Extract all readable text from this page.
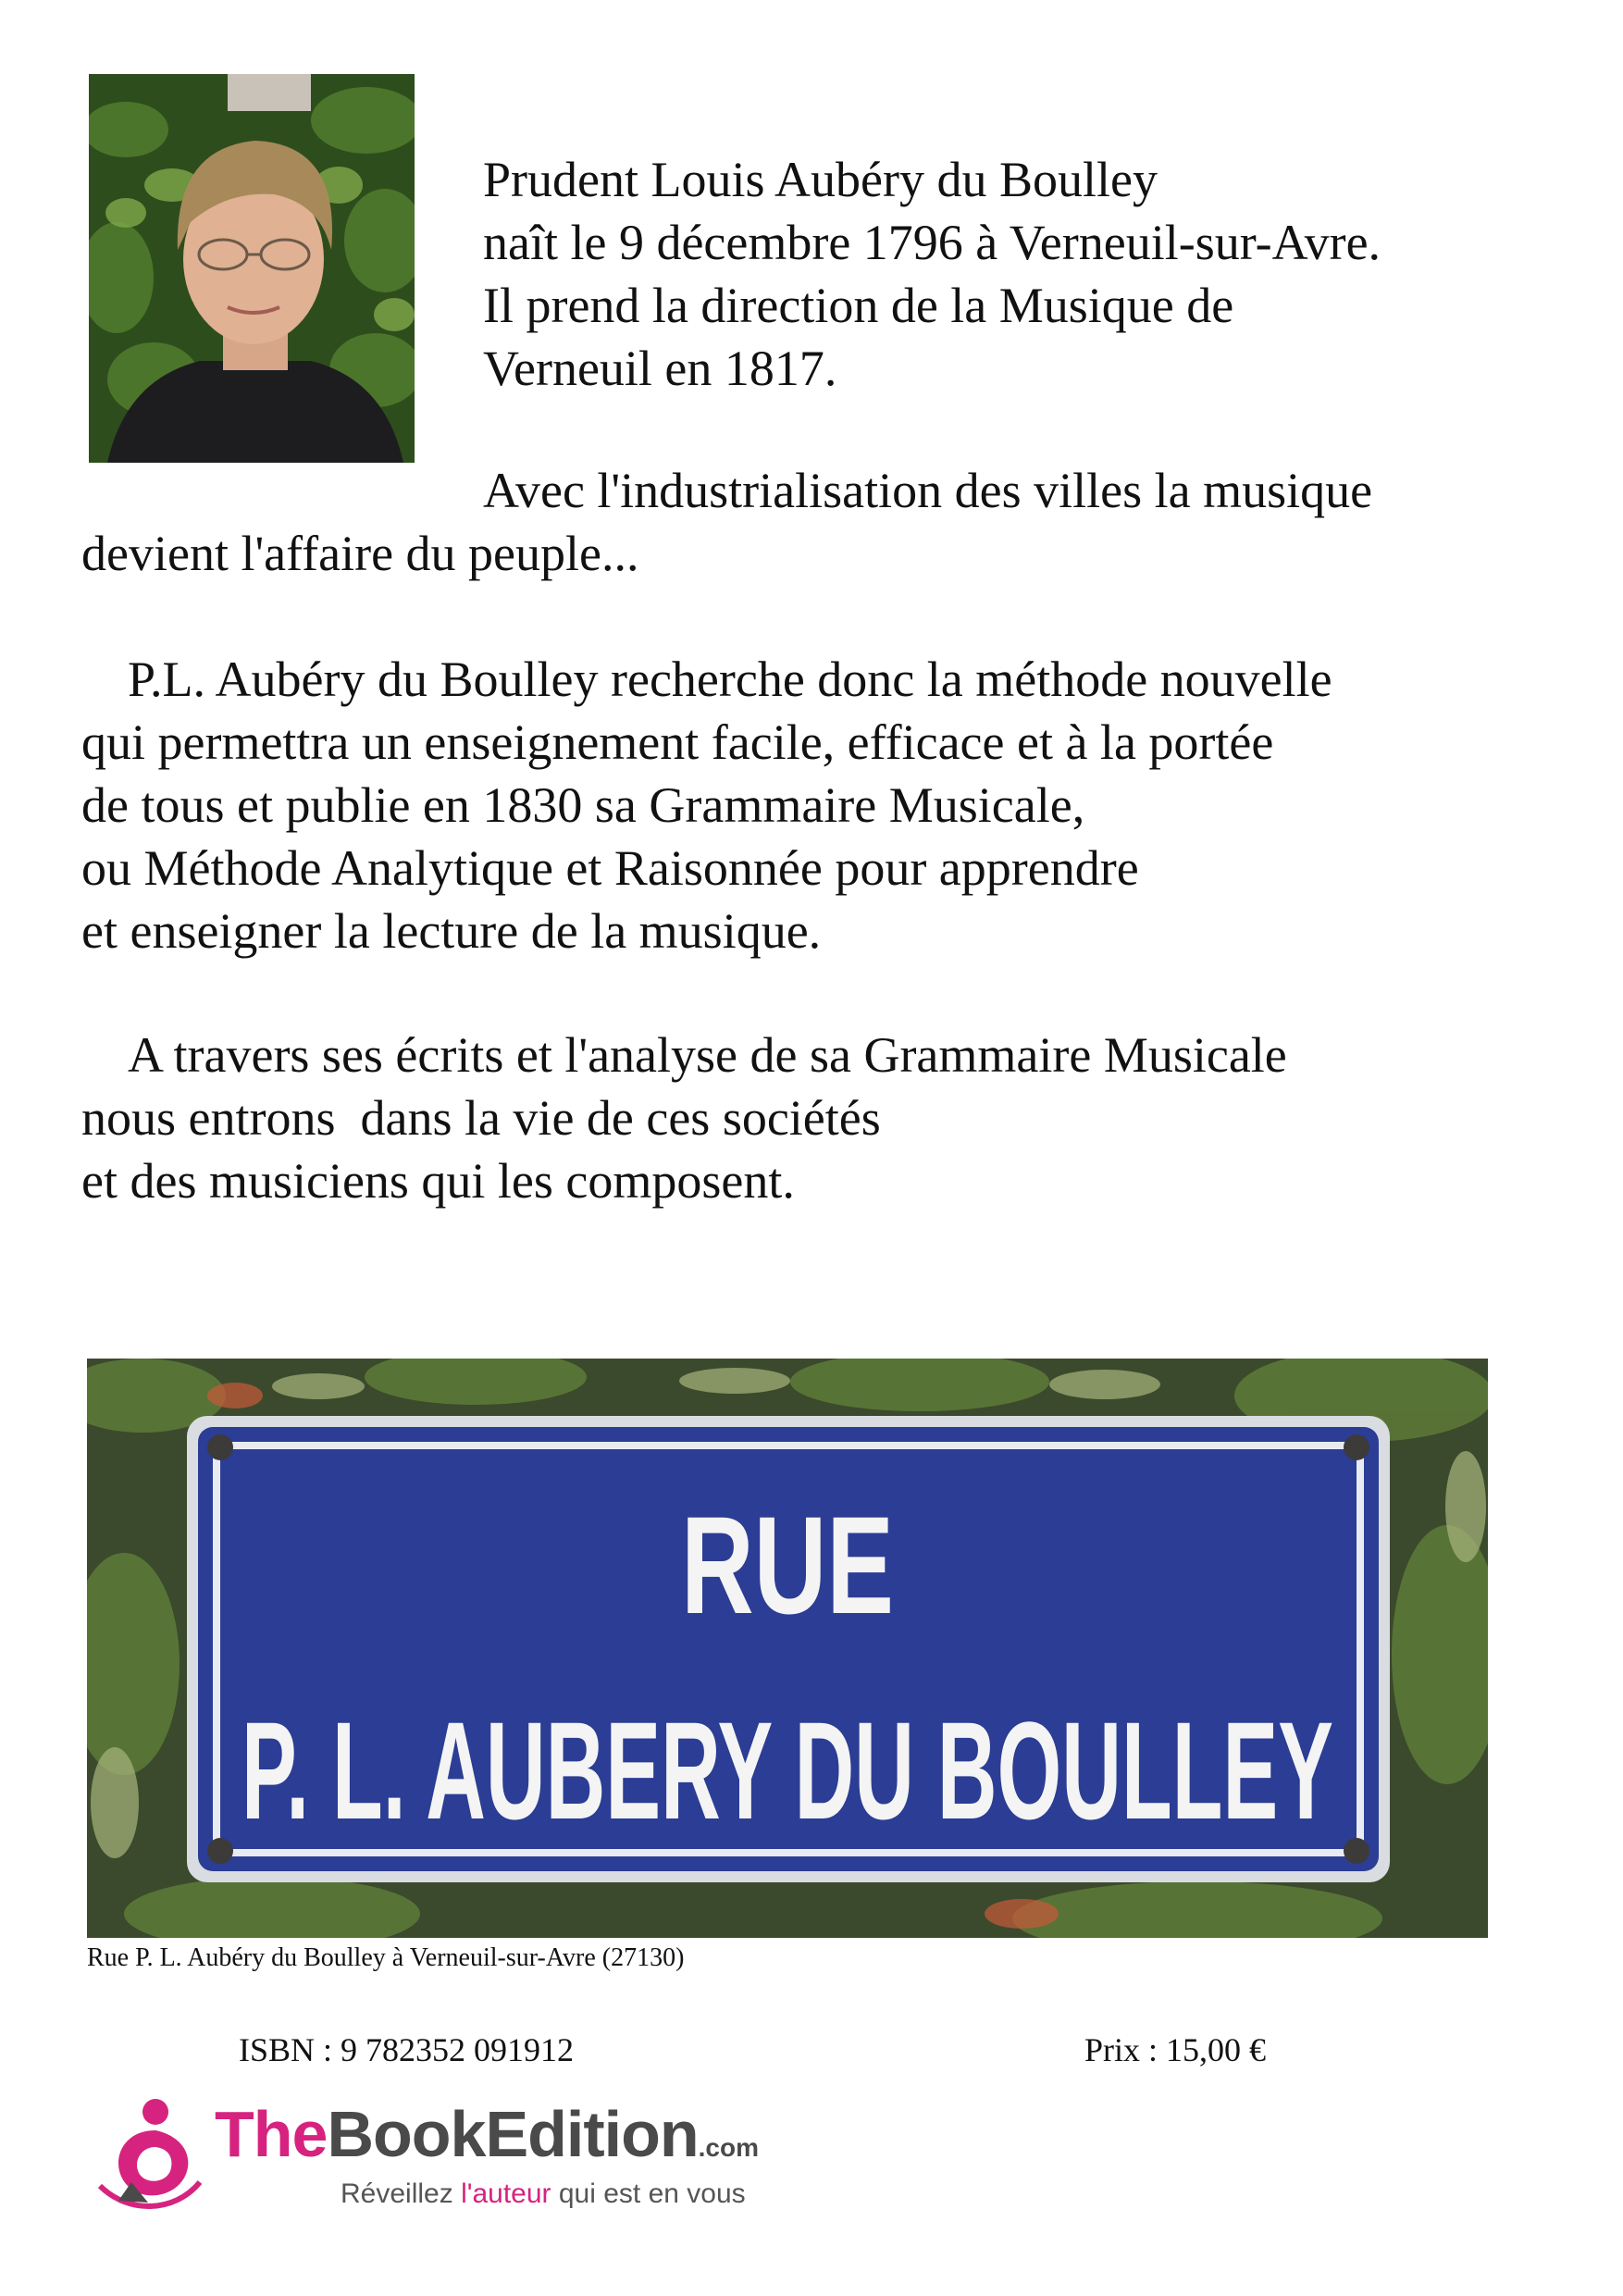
Prudent Louis Aubéry du Boulley
naît le 9 décembre 1796 à Verneuil-sur-Avre.
Il prend la direction de la Musique de
Verneuil en 1817.
Avec l'industrialisation des villes la musique
devient l'affaire du peuple...
P.L. Aubéry du Boulley recherche donc la méthode nouvelle
qui permettra un enseignement facile, efficace et à la portée
de tous et publie en 1830 sa Grammaire Musicale,
ou Méthode Analytique et Raisonnée pour apprendre
et enseigner la lecture de la musique.
A travers ses écrits et l'analyse de sa Grammaire Musicale
nous entrons  dans la vie de ces sociétés
et des musiciens qui les composent.
RUE
P. L. AUBERY DU BOULLEY
Rue P. L. Aubéry du Boulley à Verneuil-sur-Avre (27130)
ISBN : 9 782352 091912	Prix : 15,00 €
TheBookEdition.com
Réveillez l'auteur qui est en vous
